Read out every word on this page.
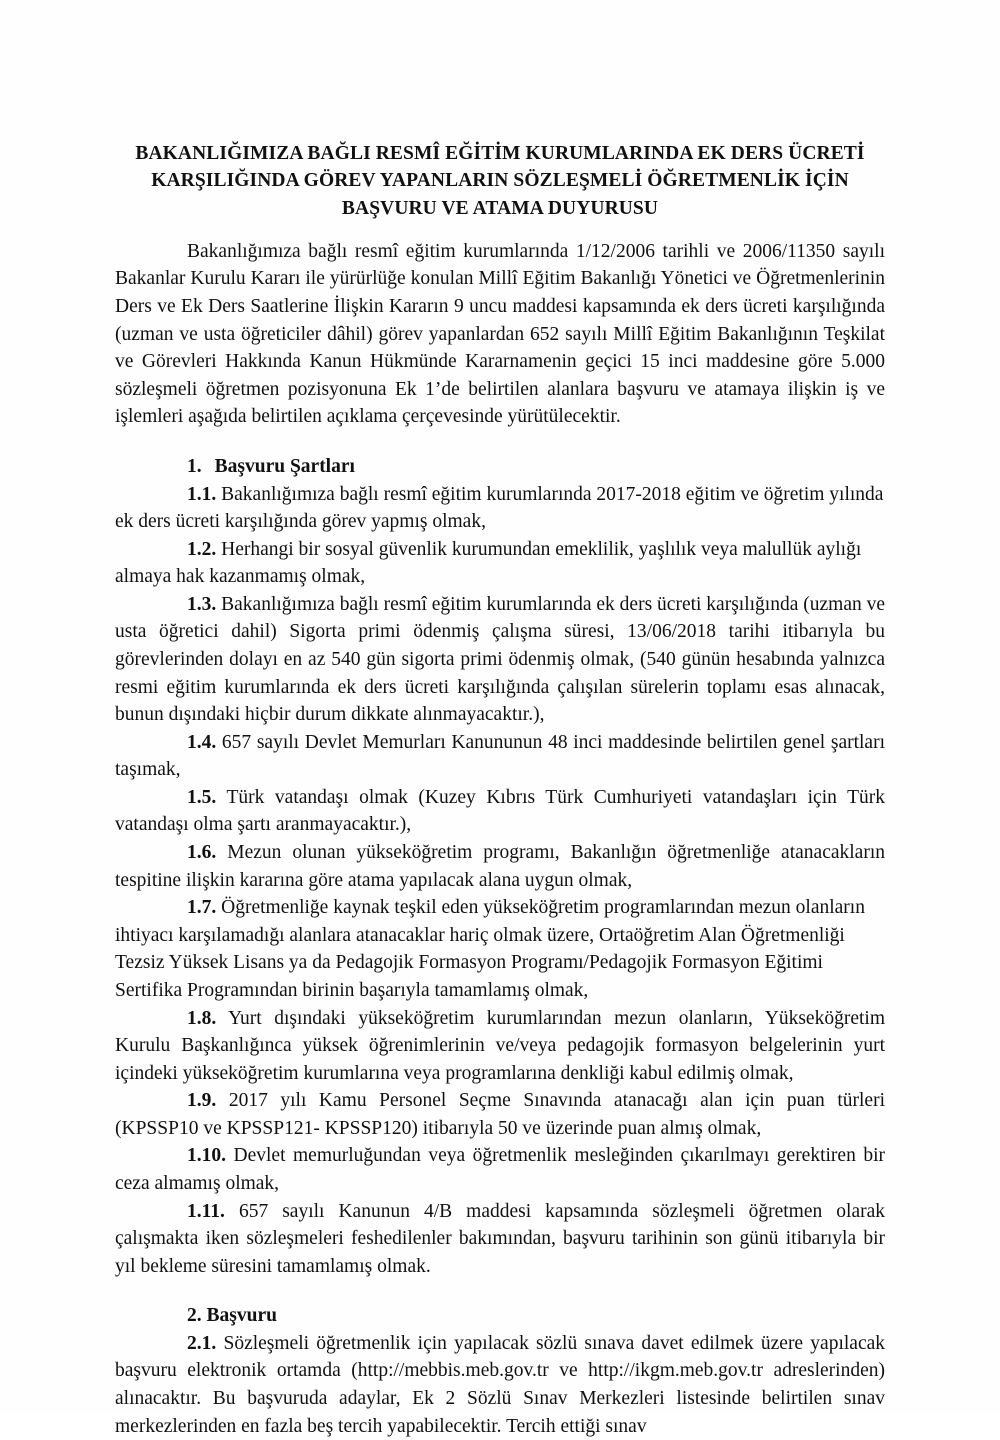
BAKANLIĞIMIZA BAĞLI RESMÎ EĞİTİM KURUMLARINDA EK DERS ÜCRETİ
KARŞILIĞINDA GÖREV YAPANLARIN SÖZLEŞMELİ ÖĞRETMENLİK İÇİN
BAŞVURU VE ATAMA DUYURUSU

Bakanlığımıza bağlı resmî eğitim kurumlarında 1/12/2006 tarihli ve 2006/11350 sayılı Bakanlar Kurulu Kararı ile yürürlüğe konulan Millî Eğitim Bakanlığı Yönetici ve Öğretmenlerinin Ders ve Ek Ders Saatlerine İlişkin Kararın 9 uncu maddesi kapsamında ek ders ücreti karşılığında (uzman ve usta öğreticiler dâhil) görev yapanlardan 652 sayılı Millî Eğitim Bakanlığının Teşkilat ve Görevleri Hakkında Kanun Hükmünde Kararnamenin geçici 15 inci maddesine göre 5.000 sözleşmeli öğretmen pozisyonuna Ek 1’de belirtilen alanlara başvuru ve atamaya ilişkin iş ve işlemleri aşağıda belirtilen açıklama çerçevesinde yürütülecektir.

1. Başvuru Şartları

1.1. Bakanlığımıza bağlı resmî eğitim kurumlarında 2017-2018 eğitim ve öğretim yılında ek ders ücreti karşılığında görev yapmış olmak,

1.2. Herhangi bir sosyal güvenlik kurumundan emeklilik, yaşlılık veya malullük aylığı almaya hak kazanmamış olmak,

1.3. Bakanlığımıza bağlı resmî eğitim kurumlarında ek ders ücreti karşılığında (uzman ve usta öğretici dahil) Sigorta primi ödenmiş çalışma süresi, 13/06/2018 tarihi itibarıyla bu görevlerinden dolayı en az 540 gün sigorta primi ödenmiş olmak, (540 günün hesabında yalnızca resmi eğitim kurumlarında ek ders ücreti karşılığında çalışılan sürelerin toplamı esas alınacak, bunun dışındaki hiçbir durum dikkate alınmayacaktır.),

1.4. 657 sayılı Devlet Memurları Kanununun 48 inci maddesinde belirtilen genel şartları taşımak,

1.5. Türk vatandaşı olmak (Kuzey Kıbrıs Türk Cumhuriyeti vatandaşları için Türk vatandaşı olma şartı aranmayacaktır.),

1.6. Mezun olunan yükseköğretim programı, Bakanlığın öğretmenliğe atanacakların tespitine ilişkin kararına göre atama yapılacak alana uygun olmak,

1.7. Öğretmenliğe kaynak teşkil eden yükseköğretim programlarından mezun olanların ihtiyacı karşılamadığı alanlara atanacaklar hariç olmak üzere, Ortaöğretim Alan Öğretmenliği Tezsiz Yüksek Lisans ya da Pedagojik Formasyon Programı/Pedagojik Formasyon Eğitimi Sertifika Programından birinin başarıyla tamamlamış olmak,

1.8. Yurt dışındaki yükseköğretim kurumlarından mezun olanların, Yükseköğretim Kurulu Başkanlığınca yüksek öğrenimlerinin ve/veya pedagojik formasyon belgelerinin yurt içindeki yükseköğretim kurumlarına veya programlarına denkliği kabul edilmiş olmak,

1.9. 2017 yılı Kamu Personel Seçme Sınavında atanacağı alan için puan türleri (KPSSP10 ve KPSSP121- KPSSP120) itibarıyla 50 ve üzerinde puan almış olmak,

1.10. Devlet memurluğundan veya öğretmenlik mesleğinden çıkarılmayı gerektiren bir ceza almamış olmak,

1.11. 657 sayılı Kanunun 4/B maddesi kapsamında sözleşmeli öğretmen olarak çalışmakta iken sözleşmeleri feshedilenler bakımından, başvuru tarihinin son günü itibarıyla bir yıl bekleme süresini tamamlamış olmak.

2. Başvuru

2.1. Sözleşmeli öğretmenlik için yapılacak sözlü sınava davet edilmek üzere yapılacak başvuru elektronik ortamda (http://mebbis.meb.gov.tr ve http://ikgm.meb.gov.tr adreslerinden) alınacaktır. Bu başvuruda adaylar, Ek 2 Sözlü Sınav Merkezleri listesinde belirtilen sınav merkezlerinden en fazla beş tercih yapabilecektir. Tercih ettiği sınav
